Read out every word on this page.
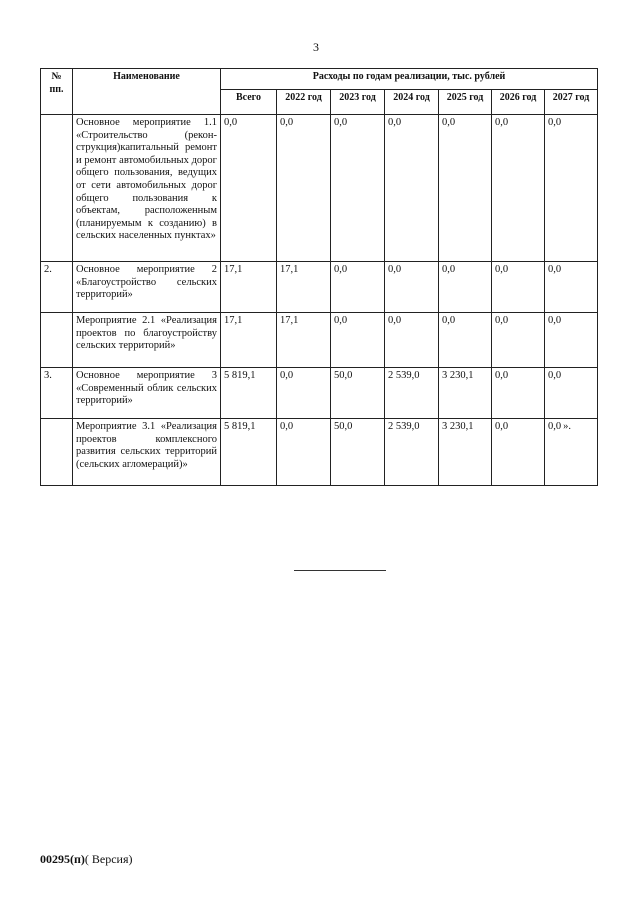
3
№ пп.	Наименование	Расходы по годам реализации, тыс. рублей						
		Всего	2022 год	2023 год	2024 год	2025 год	2026 год	2027 год
	Основное мероприятие 1.1 «Строительство (реконструкция)капитальный ремонт и ремонт автомобильных дорог общего пользования, ведущих от сети автомобильных дорог общего пользования к объектам, расположенным (планируемым к созданию) в сельских населенных пунктах»	0,0	0,0	0,0	0,0	0,0	0,0	0,0
2.	Основное мероприятие 2 «Благоустройство сельских территорий»	17,1	17,1	0,0	0,0	0,0	0,0	0,0
	Мероприятие 2.1 «Реализация проектов по благоустройству сельских территорий»	17,1	17,1	0,0	0,0	0,0	0,0	0,0
3.	Основное мероприятие 3 «Современный облик сельских территорий»	5 819,1	0,0	50,0	2 539,0	3 230,1	0,0	0,0
	Мероприятие 3.1 «Реализация проектов комплексного развития сельских территорий (сельских агломераций)»	5 819,1	0,0	50,0	2 539,0	3 230,1	0,0	0,0 ».
00295(п)( Версия)
